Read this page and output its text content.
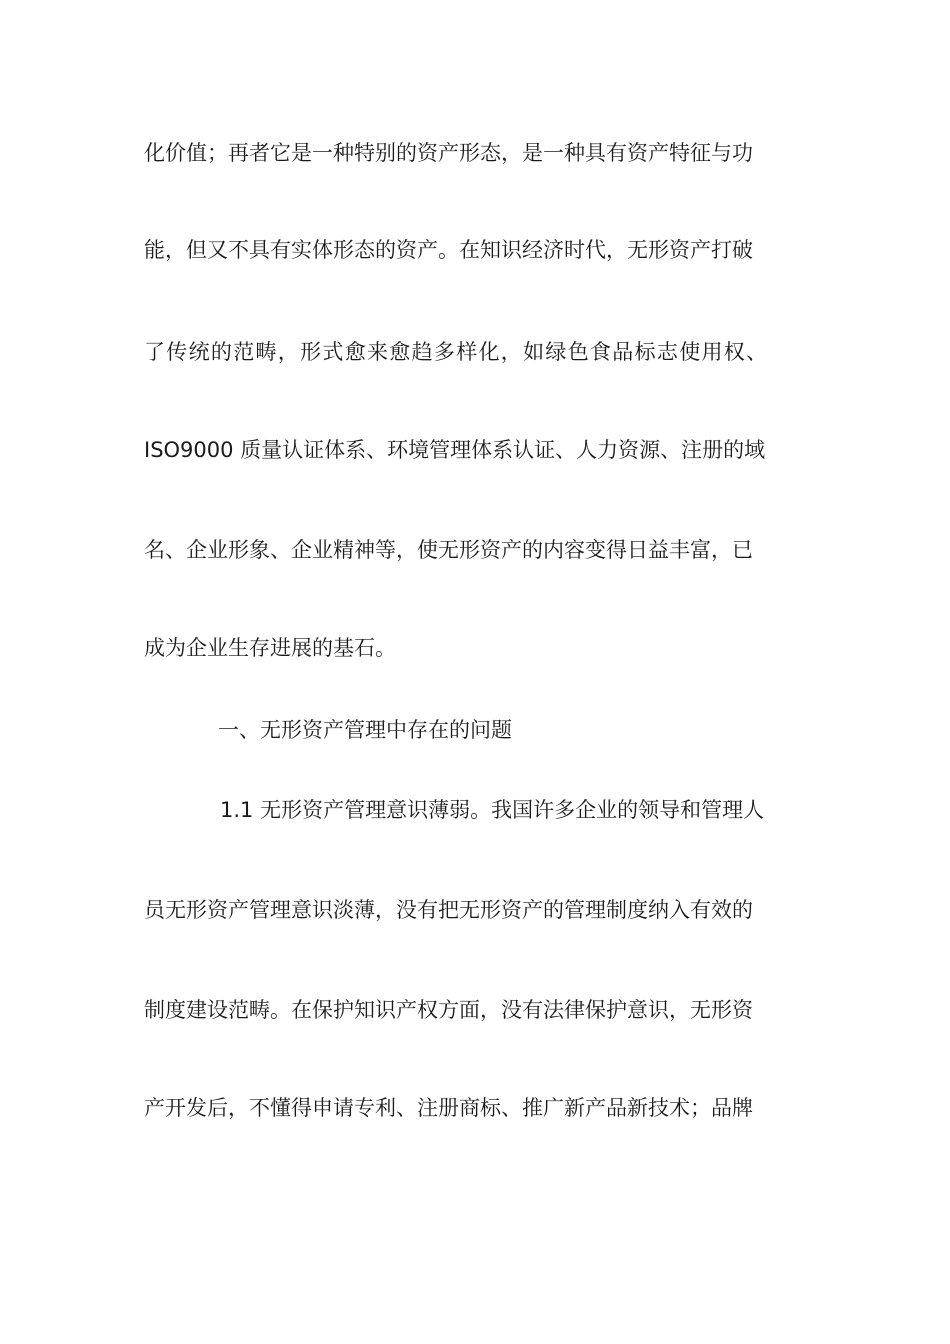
化价值；再者它是一种特别的资产形态，是一种具有资产特征与功
能，但又不具有实体形态的资产。在知识经济时代，无形资产打破
了传统的范畴，形式愈来愈趋多样化，如绿色食品标志使用权、
ISO9000 质量认证体系、环境管理体系认证、人力资源、注册的域
名、企业形象、企业精神等，使无形资产的内容变得日益丰富，已
成为企业生存进展的基石。
一、无形资产管理中存在的问题
1.1 无形资产管理意识薄弱。我国许多企业的领导和管理人
员无形资产管理意识淡薄，没有把无形资产的管理制度纳入有效的
制度建设范畴。在保护知识产权方面，没有法律保护意识，无形资
产开发后，不懂得申请专利、注册商标、推广新产品新技术；品牌
